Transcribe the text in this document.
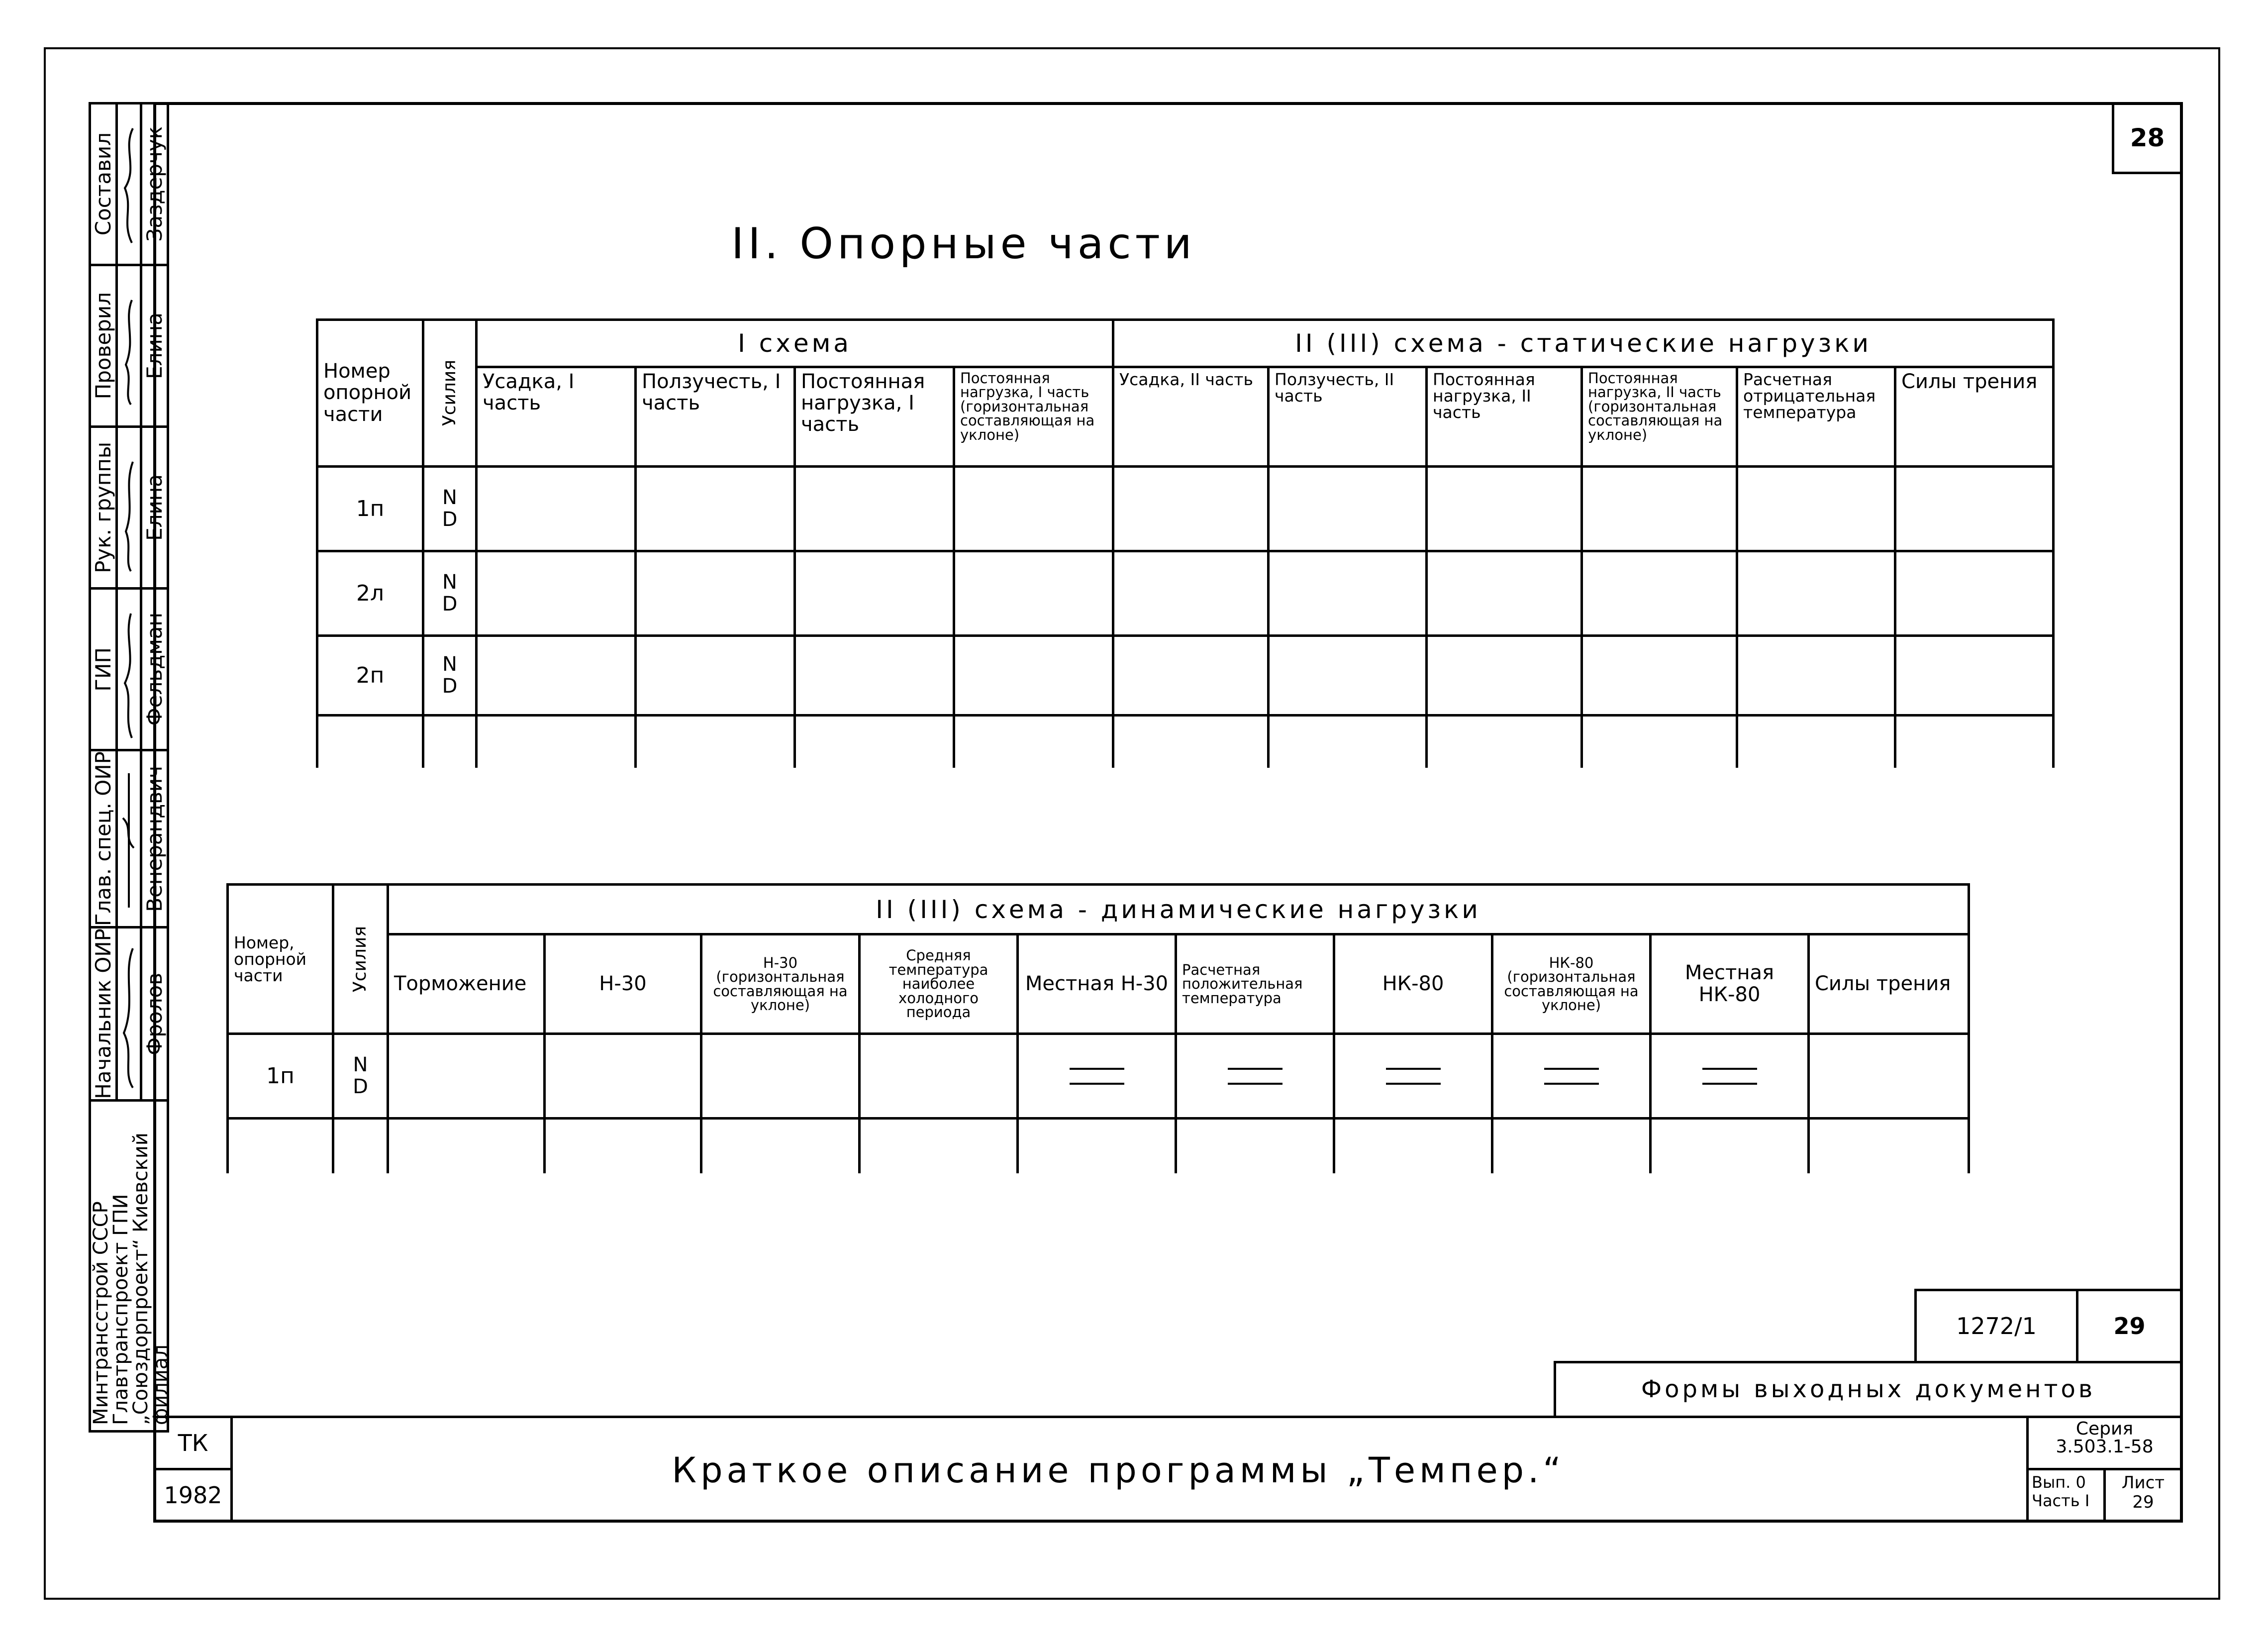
28
II. Опорные части
Номер опорной части	Усилия	I схема				II (III) схема - статические нагрузки					
		Усадка, I часть	Ползучесть, I часть	Постоянная нагрузка, I часть	Постоянная нагрузка, I часть (горизонтальная составляющая на уклоне)	Усадка, II часть	Ползучесть, II часть	Постоянная нагрузка, II часть	Постоянная нагрузка, II часть (горизонтальная составляющая на уклоне)	Расчетная отрицательная температура	Силы трения
1п	N
D										
2л	N
D										
2п	N
D										

Номер, опорной части	Усилия	II (III) схема - динамические нагрузки									
		Торможение	Н-30	Н-30 (горизонтальная составляющая на уклоне)	Средняя температура наиболее холодного периода	Местная Н-30	Расчетная положительная температура	НК-80	НК-80 (горизонтальная составляющая на уклоне)	Местная НК-80	Силы трения
1п	N
D					

Составил		Заздерчук

Проверил		Елина

Рук. группы		Елина

ГИП		Фельдман

Глав. спец. ОИР		Венерандвич

Начальник ОИР		Фролов

Минтрансстрой СССР Главтранспроект ГПИ „Союздорпроект“ Киевский филиал		
1272/1	29
Формы выходных документов
ТК
1982
Краткое описание программы „Темпер.“
Серия
3.503.1-58
Вып. 0
Часть I
Лист
29
